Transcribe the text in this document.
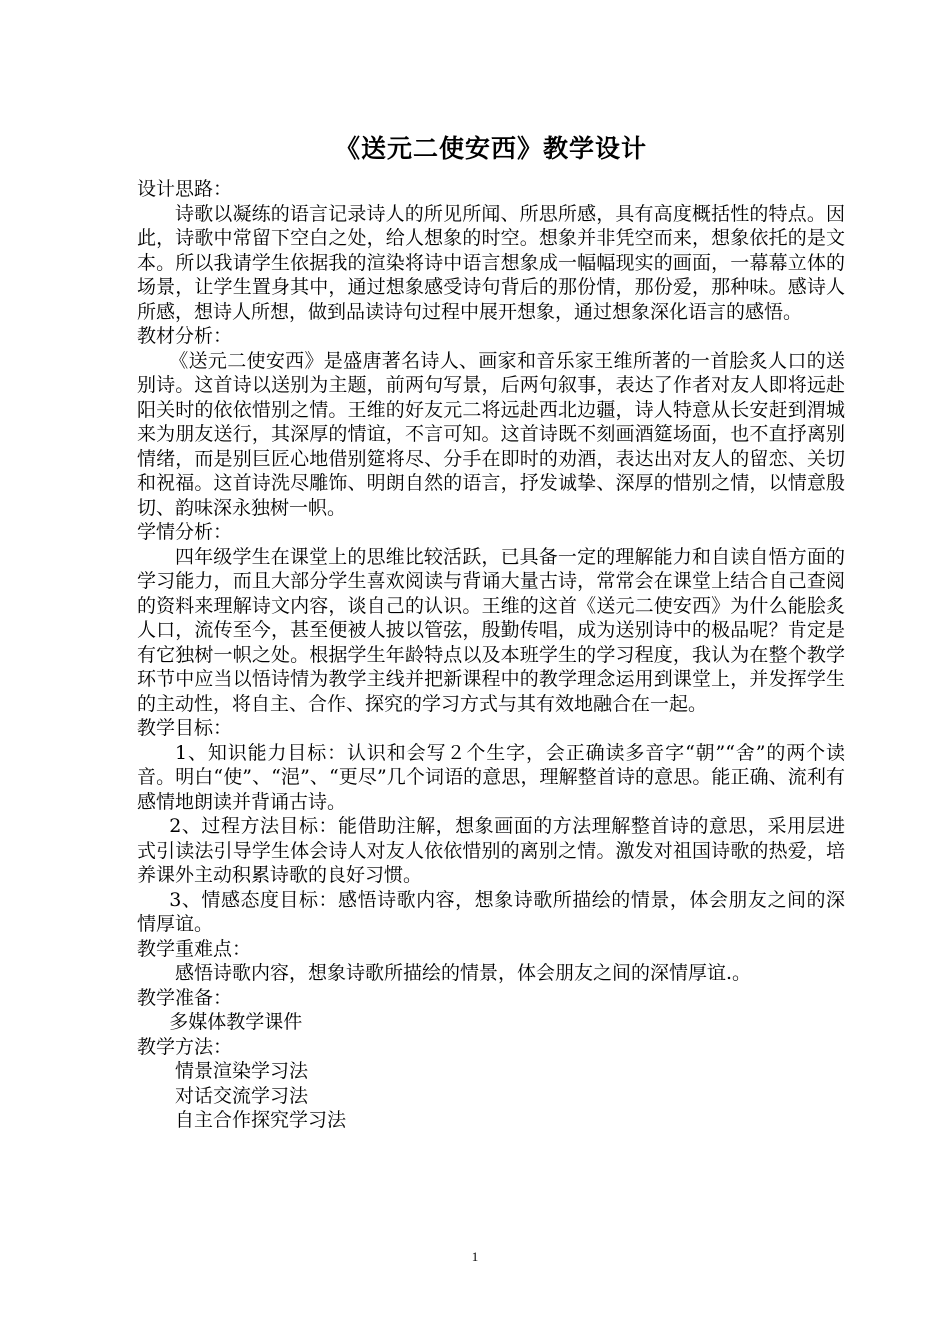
《送元二使安西》教学设计

设计思路：

诗歌以凝练的语言记录诗人的所见所闻、所思所感，具有高度概括性的特点。因此，诗歌中常留下空白之处，给人想象的时空。想象并非凭空而来，想象依托的是文本。所以我请学生依据我的渲染将诗中语言想象成一幅幅现实的画面，一幕幕立体的场景，让学生置身其中，通过想象感受诗句背后的那份情，那份爱，那种味。感诗人所感，想诗人所想，做到品读诗句过程中展开想象，通过想象深化语言的感悟。

教材分析：

《送元二使安西》是盛唐著名诗人、画家和音乐家王维所著的一首脍炙人口的送别诗。这首诗以送别为主题，前两句写景，后两句叙事，表达了作者对友人即将远赴阳关时的依依惜别之情。王维的好友元二将远赴西北边疆，诗人特意从长安赶到渭城来为朋友送行，其深厚的情谊，不言可知。这首诗既不刻画酒筵场面，也不直抒离别情绪，而是别巨匠心地借别筵将尽、分手在即时的劝酒，表达出对友人的留恋、关切和祝福。这首诗洗尽雕饰、明朗自然的语言，抒发诚挚、深厚的惜别之情，以情意殷切、韵味深永独树一帜。

学情分析：

四年级学生在课堂上的思维比较活跃，已具备一定的理解能力和自读自悟方面的学习能力，而且大部分学生喜欢阅读与背诵大量古诗，常常会在课堂上结合自己查阅的资料来理解诗文内容，谈自己的认识。王维的这首《送元二使安西》为什么能脍炙人口，流传至今，甚至便被人披以管弦，殷勤传唱，成为送别诗中的极品呢？肯定是有它独树一帜之处。根据学生年龄特点以及本班学生的学习程度，我认为在整个教学环节中应当以悟诗情为教学主线并把新课程中的教学理念运用到课堂上，并发挥学生的主动性，将自主、合作、探究的学习方式与其有效地融合在一起。

教学目标：

1、知识能力目标：认识和会写２个生字，会正确读多音字“朝”“舍”的两个读音。明白“使”、“浥”、“更尽”几个词语的意思，理解整首诗的意思。能正确、流利有感情地朗读并背诵古诗。

2、过程方法目标：能借助注解，想象画面的方法理解整首诗的意思，采用层进式引读法引导学生体会诗人对友人依依惜别的离别之情。激发对祖国诗歌的热爱，培养课外主动积累诗歌的良好习惯。

3、情感态度目标：感悟诗歌内容，想象诗歌所描绘的情景，体会朋友之间的深情厚谊。

教学重难点：

感悟诗歌内容，想象诗歌所描绘的情景，体会朋友之间的深情厚谊.。

教学准备：

多媒体教学课件

教学方法：

情景渲染学习法

对话交流学习法

自主合作探究学习法

1
